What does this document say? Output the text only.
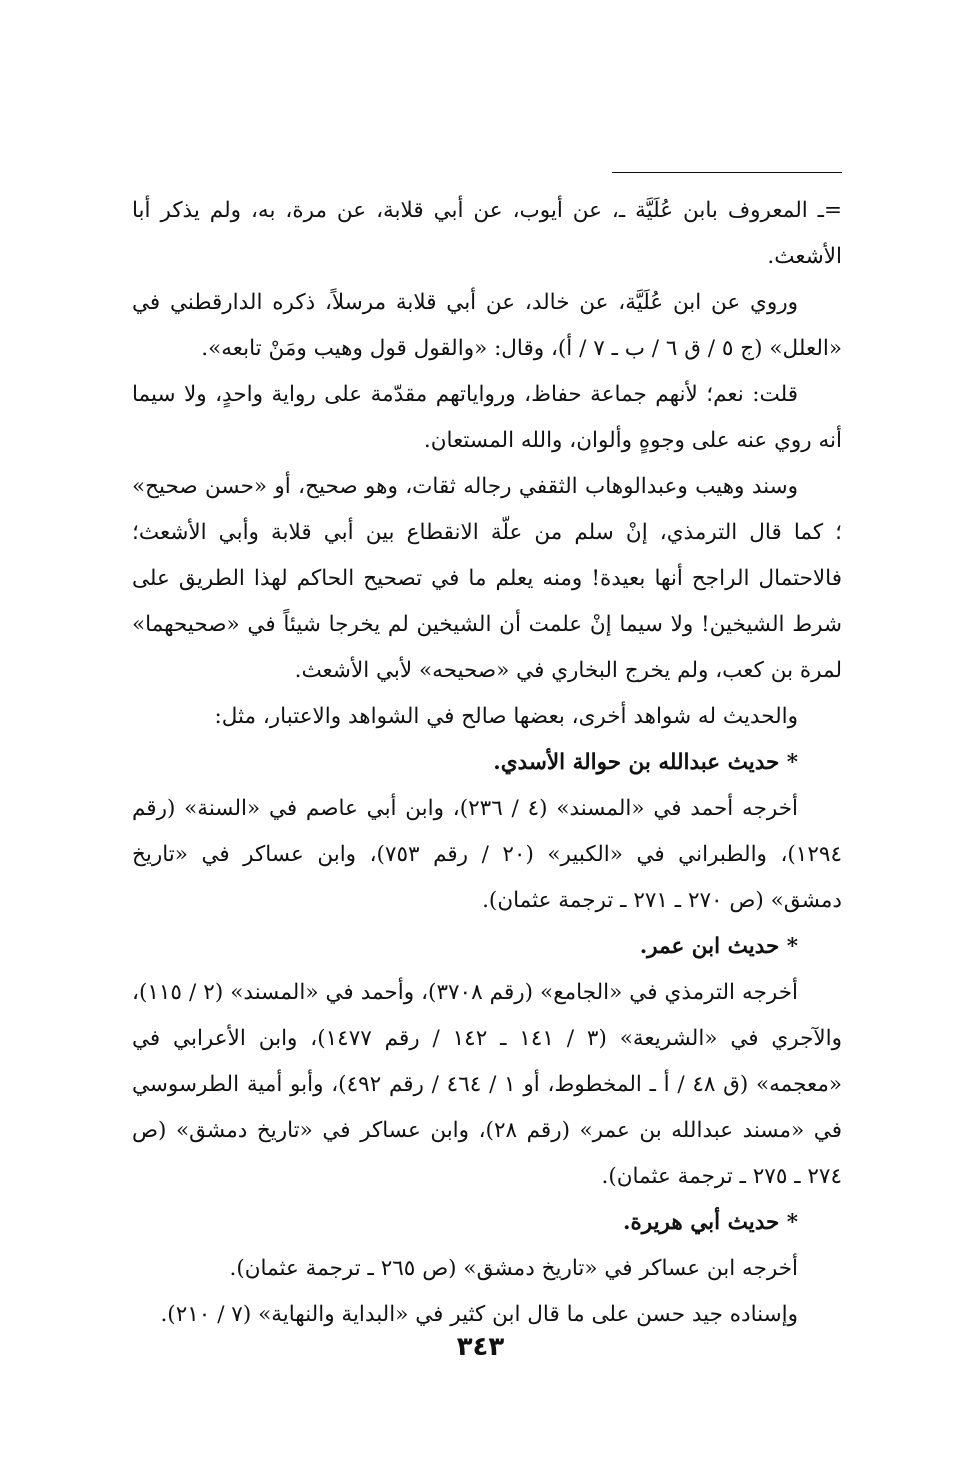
=ـ المعروف بابن عُلَيَّة ـ، عن أيوب، عن أبي قلابة، عن مرة، به، ولم يذكر أبا الأشعث.

وروي عن ابن عُلَيَّة، عن خالد، عن أبي قلابة مرسلاً، ذكره الدارقطني في «العلل» (ج ٥ / ق ٦ / ب ـ ٧ / أ)، وقال: «والقول قول وهيب ومَنْ تابعه».

قلت: نعم؛ لأنهم جماعة حفاظ، ورواياتهم مقدّمة على رواية واحدٍ، ولا سيما أنه روي عنه على وجوهٍ وألوان، والله المستعان.

وسند وهيب وعبدالوهاب الثقفي رجاله ثقات، وهو صحيح، أو «حسن صحيح» ؛ كما قال الترمذي، إنْ سلم من علّة الانقطاع بين أبي قلابة وأبي الأشعث؛ فالاحتمال الراجح أنها بعيدة! ومنه يعلم ما في تصحيح الحاكم لهذا الطريق على شرط الشيخين! ولا سيما إنْ علمت أن الشيخين لم يخرجا شيئاً في «صحيحهما» لمرة بن كعب، ولم يخرج البخاري في «صحيحه» لأبي الأشعث.

والحديث له شواهد أخرى، بعضها صالح في الشواهد والاعتبار، مثل:

* حديث عبدالله بن حوالة الأسدي.

أخرجه أحمد في «المسند» (٤ / ٢٣٦)، وابن أبي عاصم في «السنة» (رقم ١٢٩٤)، والطبراني في «الكبير» (٢٠ / رقم ٧٥٣)، وابن عساكر في «تاريخ دمشق» (ص ٢٧٠ ـ ٢٧١ ـ ترجمة عثمان).

* حديث ابن عمر.

أخرجه الترمذي في «الجامع» (رقم ٣٧٠٨)، وأحمد في «المسند» (٢ / ١١٥)، والآجري في «الشريعة» (٣ / ١٤١ ـ ١٤٢ / رقم ١٤٧٧)، وابن الأعرابي في «معجمه» (ق ٤٨ / أ ـ المخطوط، أو ١ / ٤٦٤ / رقم ٤٩٢)، وأبو أمية الطرسوسي في «مسند عبدالله بن عمر» (رقم ٢٨)، وابن عساكر في «تاريخ دمشق» (ص ٢٧٤ ـ ٢٧٥ ـ ترجمة عثمان).

* حديث أبي هريرة.

أخرجه ابن عساكر في «تاريخ دمشق» (ص ٢٦٥ ـ ترجمة عثمان).

وإسناده جيد حسن على ما قال ابن كثير في «البداية والنهاية» (٧ / ٢١٠).

٣٤٣
